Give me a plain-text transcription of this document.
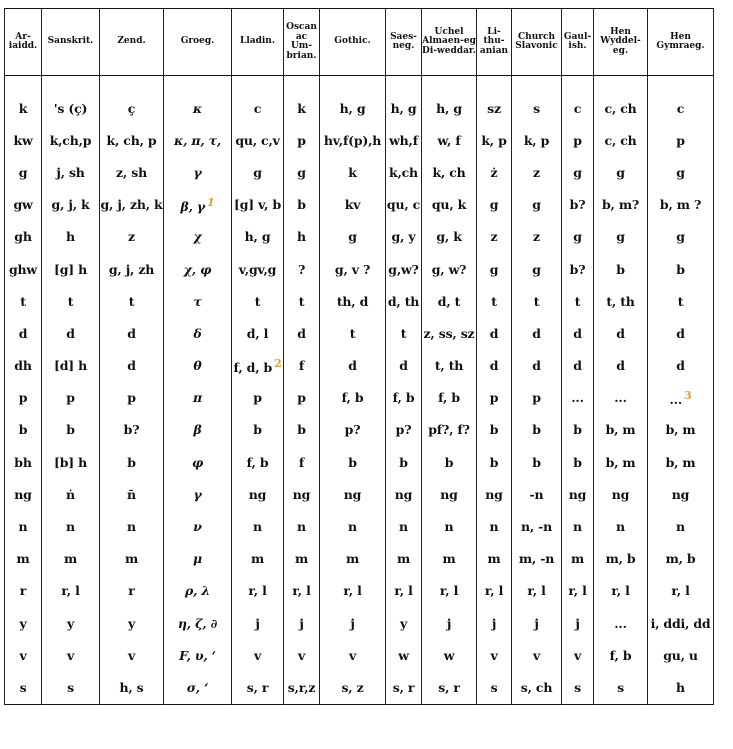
Ar-iaidd.	Sanskrit.	Zend.	Groeg.	Lladin.	Oscan ac Um-brian.	Gothic.	Saes-neg.	Uchel Almaen-eg Di-weddar.	Li-thu-anian	Church Slavonic	Gaul-ish.	Hen Wyddel-eg.	Hen Gymraeg.
k	's (ç)	ç	κ	c	k	h, g	h, g	h, g	sz	s	c	c, ch	c
kw	k,ch,p	k, ch, p	κ, π, τ,	qu, c,v	p	hv,f(p),h	wh,f	w, f	k, p	k, p	p	c, ch	p
g	j, sh	z, sh	γ	g	g	k	k,ch	k, ch	ż	z	g	g	g
gw	g, j, k	g, j, zh, k	β, γ 1	[g] v, b	b	kv	qu, c	qu, k	g	g	b?	b, m?	b, m ?
gh	h	z	χ	h, g	h	g	g, y	g, k	z	z	g	g	g
ghw	[g] h	g, j, zh	χ, φ	v,gv,g	?	g, v ?	g,w?	g, w?	g	g	b?	b	b
t	t	t	τ	t	t	th, d	d, th	d, t	t	t	t	t, th	t
d	d	d	δ	d, l	d	t	t	z, ss, sz	d	d	d	d	d
dh	[d] h	d	θ	f, d, b 2	f	d	d	t, th	d	d	d	d	d
p	p	p	π	p	p	f, b	f, b	f, b	p	p	...	...	... 3
b	b	b?	β	b	b	p?	p?	pf?, f?	b	b	b	b, m	b, m
bh	[b] h	b	φ	f, b	f	b	b	b	b	b	b	b, m	b, m
ng	ṅ	n̄	γ	ng	ng	ng	ng	ng	ng	-n	ng	ng	ng
n	n	n	ν	n	n	n	n	n	n	n, -n	n	n	n
m	m	m	μ	m	m	m	m	m	m	m, -n	m	m, b	m, b
r	r, l	r	ρ, λ	r, l	r, l	r, l	r, l	r, l	r, l	r, l	r, l	r, l	r, l
y	y	y	η, ζ, ∂	j	j	j	y	j	j	j	j	...	i, ddi, dd
v	v	v	F, υ, ʻ	v	v	v	w	w	v	v	v	f, b	gu, u
s	s	h, s	σ, ʻ	s, r	s,r,z	s, z	s, r	s, r	s	s, ch	s	s	h
